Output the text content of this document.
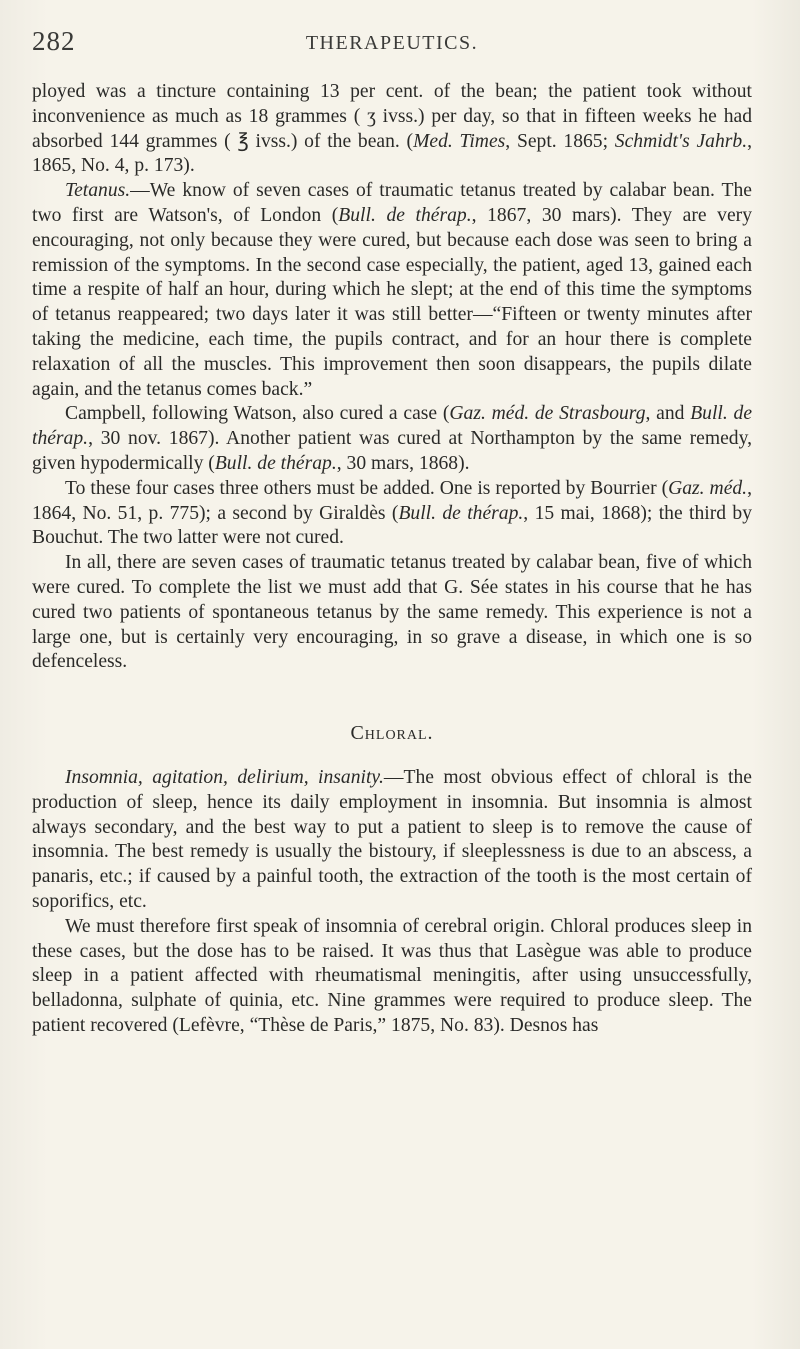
282	THERAPEUTICS.

ployed was a tincture containing 13 per cent. of the bean; the patient took without inconvenience as much as 18 grammes ( ʒ ivss.) per day, so that in fifteen weeks he had absorbed 144 grammes ( ℥ ivss.) of the bean. (Med. Times, Sept. 1865; Schmidt's Jahrb., 1865, No. 4, p. 173).

Tetanus.—We know of seven cases of traumatic tetanus treated by calabar bean. The two first are Watson's, of London (Bull. de thérap., 1867, 30 mars). They are very encouraging, not only because they were cured, but because each dose was seen to bring a remission of the symptoms. In the second case especially, the patient, aged 13, gained each time a respite of half an hour, during which he slept; at the end of this time the symptoms of tetanus reappeared; two days later it was still better—“Fifteen or twenty minutes after taking the medicine, each time, the pupils contract, and for an hour there is complete relaxation of all the muscles. This improvement then soon disappears, the pupils dilate again, and the tetanus comes back.”

Campbell, following Watson, also cured a case (Gaz. méd. de Strasbourg, and Bull. de thérap., 30 nov. 1867). Another patient was cured at Northampton by the same remedy, given hypodermically (Bull. de thérap., 30 mars, 1868).

To these four cases three others must be added. One is reported by Bourrier (Gaz. méd., 1864, No. 51, p. 775); a second by Giraldès (Bull. de thérap., 15 mai, 1868); the third by Bouchut. The two latter were not cured.

In all, there are seven cases of traumatic tetanus treated by calabar bean, five of which were cured. To complete the list we must add that G. Sée states in his course that he has cured two patients of spontaneous tetanus by the same remedy. This experience is not a large one, but is certainly very encouraging, in so grave a disease, in which one is so defenceless.

Chloral.

Insomnia, agitation, delirium, insanity.—The most obvious effect of chloral is the production of sleep, hence its daily employment in insomnia. But insomnia is almost always secondary, and the best way to put a patient to sleep is to remove the cause of insomnia. The best remedy is usually the bistoury, if sleeplessness is due to an abscess, a panaris, etc.; if caused by a painful tooth, the extraction of the tooth is the most certain of soporifics, etc.

We must therefore first speak of insomnia of cerebral origin. Chloral produces sleep in these cases, but the dose has to be raised. It was thus that Lasègue was able to produce sleep in a patient affected with rheumatismal meningitis, after using unsuccessfully, belladonna, sulphate of quinia, etc. Nine grammes were required to produce sleep. The patient recovered (Lefèvre, “Thèse de Paris,” 1875, No. 83). Desnos has
